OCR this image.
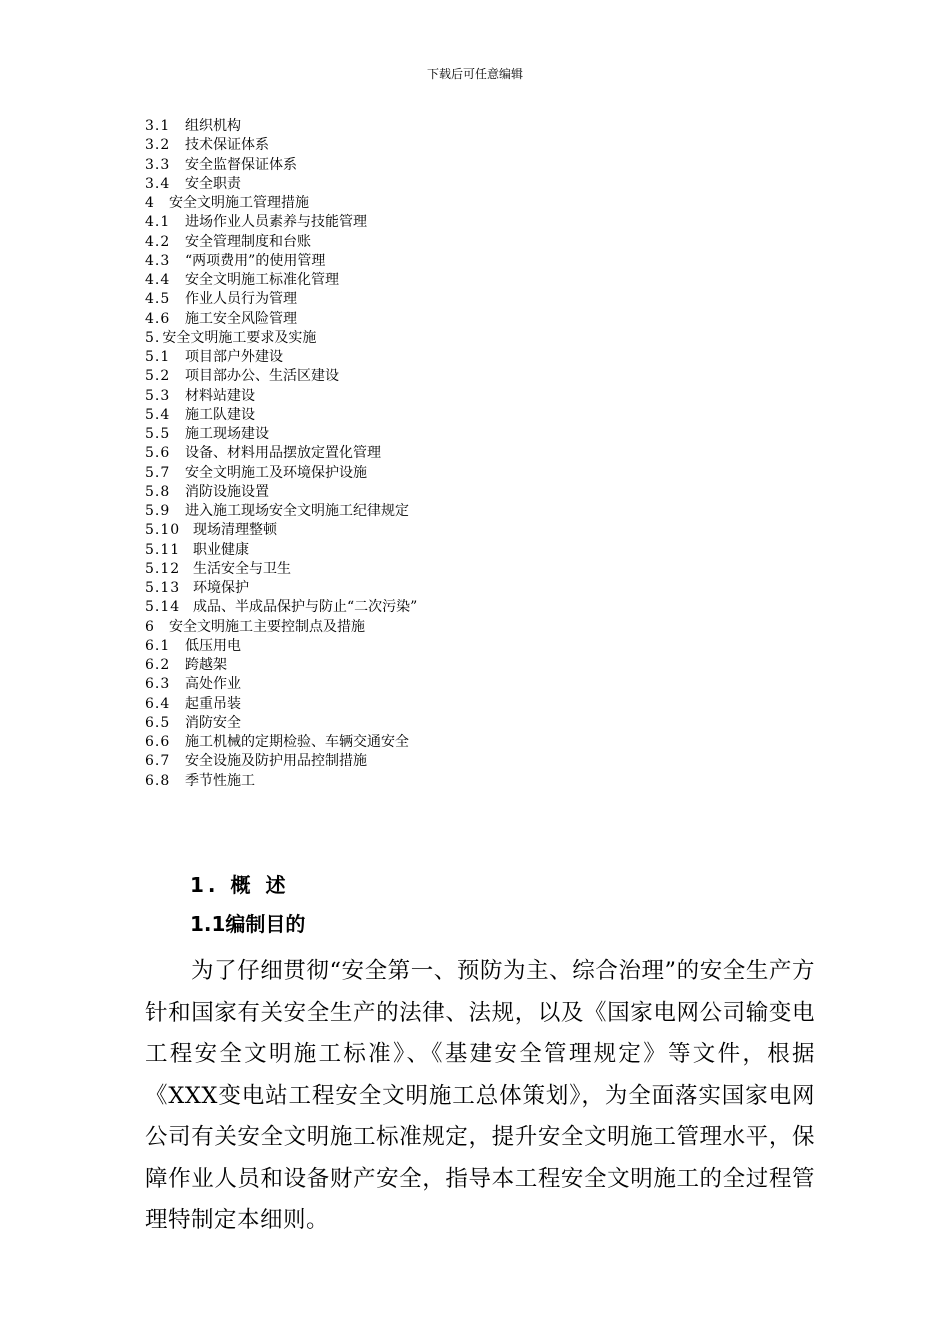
下载后可任意编辑
3.1 组织机构
3.2 技术保证体系
3.3 安全监督保证体系
3.4 安全职责
4 安全文明施工管理措施
4.1 进场作业人员素养与技能管理
4.2 安全管理制度和台账
4.3 “两项费用”的使用管理
4.4 安全文明施工标准化管理
4.5 作业人员行为管理
4.6 施工安全风险管理
5. 安全文明施工要求及实施
5.1 项目部户外建设
5.2 项目部办公、生活区建设
5.3 材料站建设
5.4 施工队建设
5.5 施工现场建设
5.6 设备、材料用品摆放定置化管理
5.7 安全文明施工及环境保护设施
5.8 消防设施设置
5.9 进入施工现场安全文明施工纪律规定
5.10 现场清理整顿
5.11 职业健康
5.12 生活安全与卫生
5.13 环境保护
5.14 成品、半成品保护与防止“二次污染”
6 安全文明施工主要控制点及措施
6.1 低压用电
6.2 跨越架
6.3 高处作业
6.4 起重吊装
6.5 消防安全
6.6 施工机械的定期检验、车辆交通安全
6.7 安全设施及防护用品控制措施
6.8 季节性施工
1. 概 述
1.1编制目的
为了仔细贯彻“安全第一、预防为主、综合治理”的安全生产方针和国家有关安全生产的法律、法规，以及《国家电网公司输变电工程安全文明施工标准》、《基建安全管理规定》等文件，根据《XXX变电站工程安全文明施工总体策划》，为全面落实国家电网公司有关安全文明施工标准规定，提升安全文明施工管理水平，保障作业人员和设备财产安全，指导本工程安全文明施工的全过程管理特制定本细则。
